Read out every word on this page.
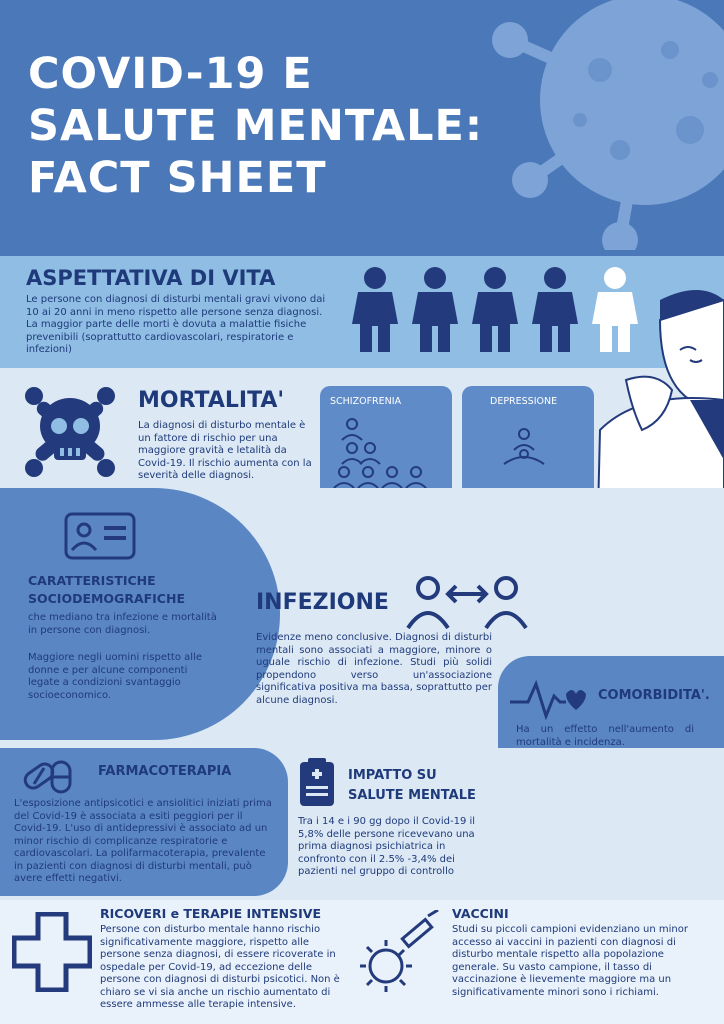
COVID-19 E
SALUTE MENTALE:
FACT SHEET
ASPETTATIVA DI VITA
Le persone con diagnosi di disturbi mentali gravi vivono dai 10 ai 20 anni in meno rispetto alle persone senza diagnosi. La maggior parte delle morti è dovuta a malattie fisiche prevenibili (soprattutto cardiovascolari, respiratorie e infezioni)
MORTALITA'
La diagnosi di disturbo mentale è un fattore di rischio per una maggiore gravità e letalità da Covid-19. Il rischio aumenta con la severità delle diagnosi.
SCHIZOFRENIA	DEPRESSIONE
CARATTERISTICHE
SOCIODEMOGRAFICHE
che mediano tra infezione e mortalità in persone con diagnosi.
Maggiore negli uomini rispetto alle donne e per alcune componenti legate a condizioni svantaggio socioeconomico.
INFEZIONE
Evidenze meno conclusive. Diagnosi di disturbi mentali sono associati a maggiore, minore o uguale rischio di infezione. Studi più solidi propendono verso un'associazione significativa positiva ma bassa, soprattutto per alcune diagnosi.	COMORBIDITA'.
Ha un effetto nell'aumento di mortalità e incidenza.
FARMACOTERAPIA
L'esposizione antipsicotici e ansiolitici iniziati prima del Covid-19 è associata a esiti peggiori per il Covid-19. L'uso di antidepressivi è associato ad un minor rischio di complicanze respiratorie e cardiovascolari. La polifarmacoterapia, prevalente in pazienti con diagnosi di disturbi mentali, può avere effetti negativi.
IMPATTO SU
SALUTE MENTALE
Tra i 14 e i 90 gg dopo il Covid-19 il 5,8% delle persone ricevevano una prima diagnosi psichiatrica in confronto con il 2.5% -3,4% dei pazienti nel gruppo di controllo
RICOVERI e TERAPIE INTENSIVE
Persone con disturbo mentale hanno rischio significativamente maggiore, rispetto alle persone senza diagnosi, di essere ricoverate in ospedale per Covid-19, ad eccezione delle persone con diagnosi di disturbi psicotici. Non è chiaro se vi sia anche un rischio aumentato di essere ammesse alle terapie intensive.
VACCINI
Studi su piccoli campioni evidenziano un minor accesso ai vaccini in pazienti con diagnosi di disturbo mentale rispetto alla popolazione generale. Su vasto campione, il tasso di vaccinazione è lievemente maggiore ma un significativamente minori sono i richiami.
